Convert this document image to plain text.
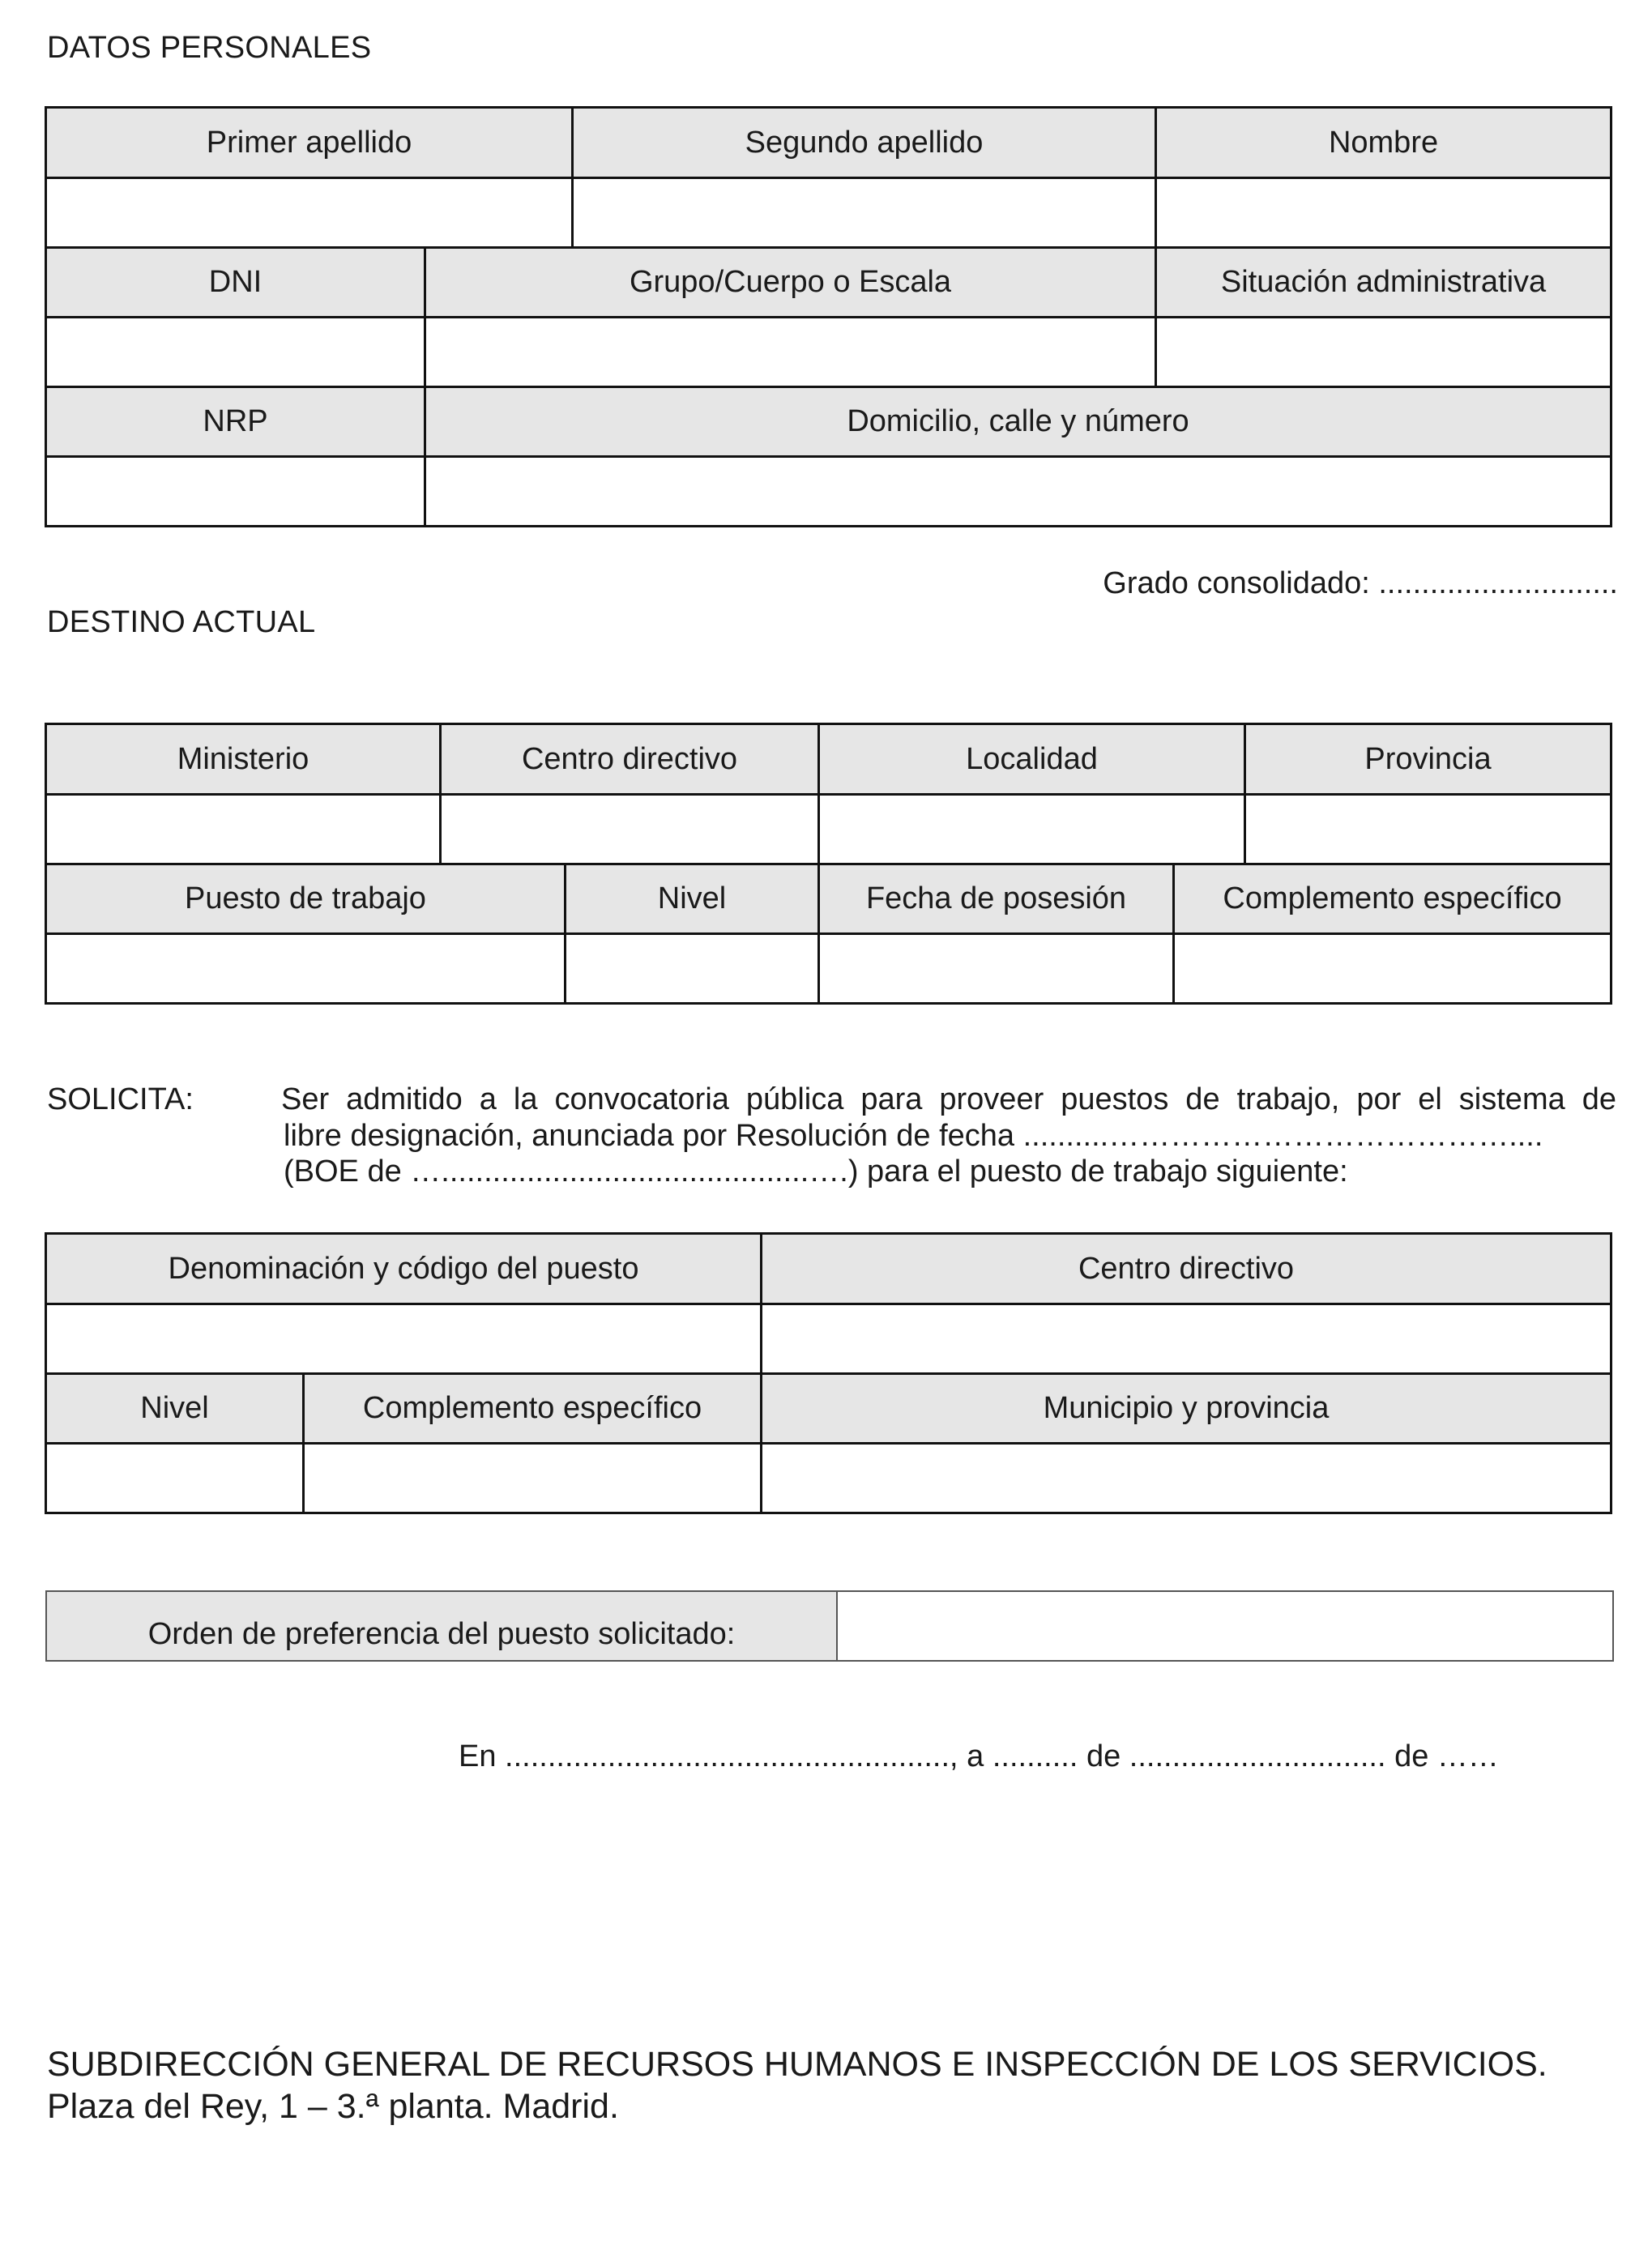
DATOS PERSONALES
Primer apellido		Segundo apellido	Nombre

DNI	Grupo/Cuerpo o Escala		Situación administrativa

NRP	Domicilio, calle y número		

Grado consolidado: ............................
DESTINO ACTUAL
Ministerio	Centro directivo		Localidad		Provincia

Puesto de trabajo		Nivel	Fecha de posesión	Complemento específico	

SOLICITA:	Ser admitido a la convocatoria pública para proveer puestos de trabajo, por el sistema de
libre designación, anunciada por Resolución de fecha ..........…………………………………....
(BOE de …...........................................….) para el puesto de trabajo siguiente:
Denominación y código del puesto		Centro directivo

Nivel	Complemento específico	Municipio y provincia

Orden de preferencia del puesto solicitado:	
En ...................................................., a .......... de .............................. de ……
SUBDIRECCIÓN GENERAL DE RECURSOS HUMANOS E INSPECCIÓN DE LOS SERVICIOS.
Plaza del Rey, 1 – 3.ª planta. Madrid.
